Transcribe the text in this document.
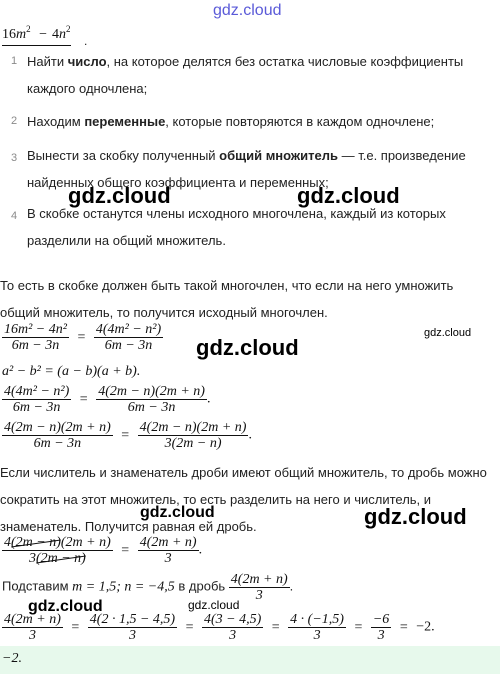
gdz.cloud
$16m^2 - 4n^2$
.
1 Найти число, на которое делятся без остатка числовые коэффициенты каждого одночлена;
2 Находим переменные, которые повторяются в каждом одночлене;
3 Вынести за скобку полученный общий множитель — т.е. произведение найденных общего коэффициента и переменных;
4 В скобке останутся члены исходного многочлена, каждый из которых разделили на общий множитель.
То есть в скобке должен быть такой многочлен, что если на него умножить общий множитель, то получится исходный многочлен.
$\frac{\text{16m² − 4n²}}{6m - 3n} = \frac{\text{4(4m² − n²)}}{6m - 3n}$
a² − b² = (a − b)(a + b).
$\frac{\text{4(4m² − n²)}}{6m - 3n} = \frac{4(2m - n)(2m + n)}{6m - 3n}$ .
$\frac{4(2m - n)(2m + n)}{6m - 3n} = \frac{4(2m - n)(2m + n)}{3(2m - n)}$ .
Если числитель и знаменатель дроби имеют общий множитель, то дробь можно сократить на этот множитель, то есть разделить на него и числитель, и знаменатель. Получится равная ей дробь.
$\frac{4(2m - n)(2m + n)}{3(2m - n)} = \frac{4(2m + n)}{3}$ .
Подставим m = 1,5; n = −4,5 в дробь $\frac{4(2m + n)}{3}$ .
$\frac{4(2m + n)}{3} = \frac{4(2 \cdot 1,5 - 4,5)}{3} = \frac{4(3 - 4,5)}{3} = \frac{4 \cdot (-1,5)}{3} = \frac{-6}{3} = -2$.
−2.
gdz.cloud	gdz.cloud
gdz.cloud
gdz.cloud
gdz.cloud	gdz.cloud
gdz.cloud	gdz.cloud
